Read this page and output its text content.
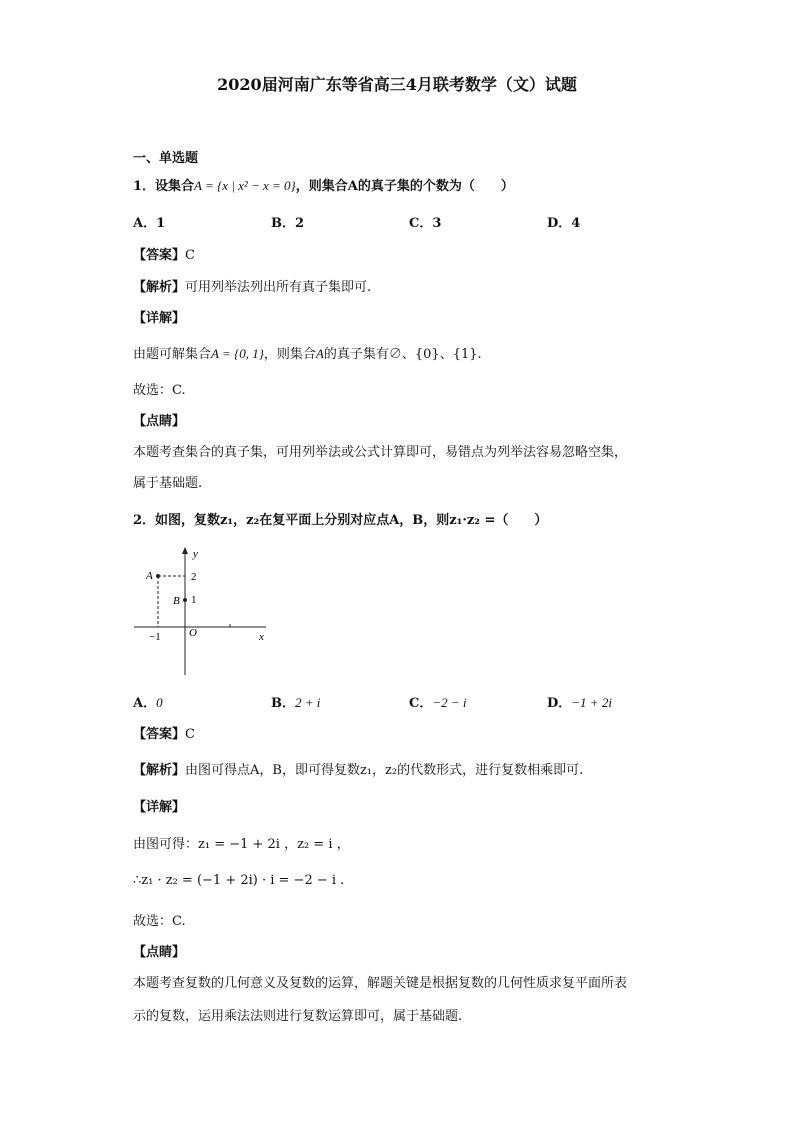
2020届河南广东等省高三4月联考数学（文）试题
一、单选题
1．设集合A = {x | x² − x = 0}，则集合A的真子集的个数为（　　）
A．1	B．2	C．3	D．4
【答案】C
【解析】可用列举法列出所有真子集即可.
【详解】
由题可解集合A = {0, 1}，则集合A的真子集有∅、{0}、{1}.
故选：C.
【点睛】
本题考查集合的真子集，可用列举法或公式计算即可，易错点为列举法容易忽略空集，
属于基础题.
2．如图，复数z₁，z₂在复平面上分别对应点A，B，则z₁·z₂ =（　　）
y
x
O
2
1
−1
A
B
A．0	B．2 + i	C．−2 − i	D．−1 + 2i
【答案】C
【解析】由图可得点A，B，即可得复数z₁，z₂的代数形式，进行复数相乘即可.
【详解】
由图可得：z₁ = −1 + 2i ，z₂ = i ，
∴z₁ · z₂ = (−1 + 2i) · i = −2 − i .
故选：C.
【点睛】
本题考查复数的几何意义及复数的运算，解题关键是根据复数的几何性质求复平面所表
示的复数，运用乘法法则进行复数运算即可，属于基础题.
